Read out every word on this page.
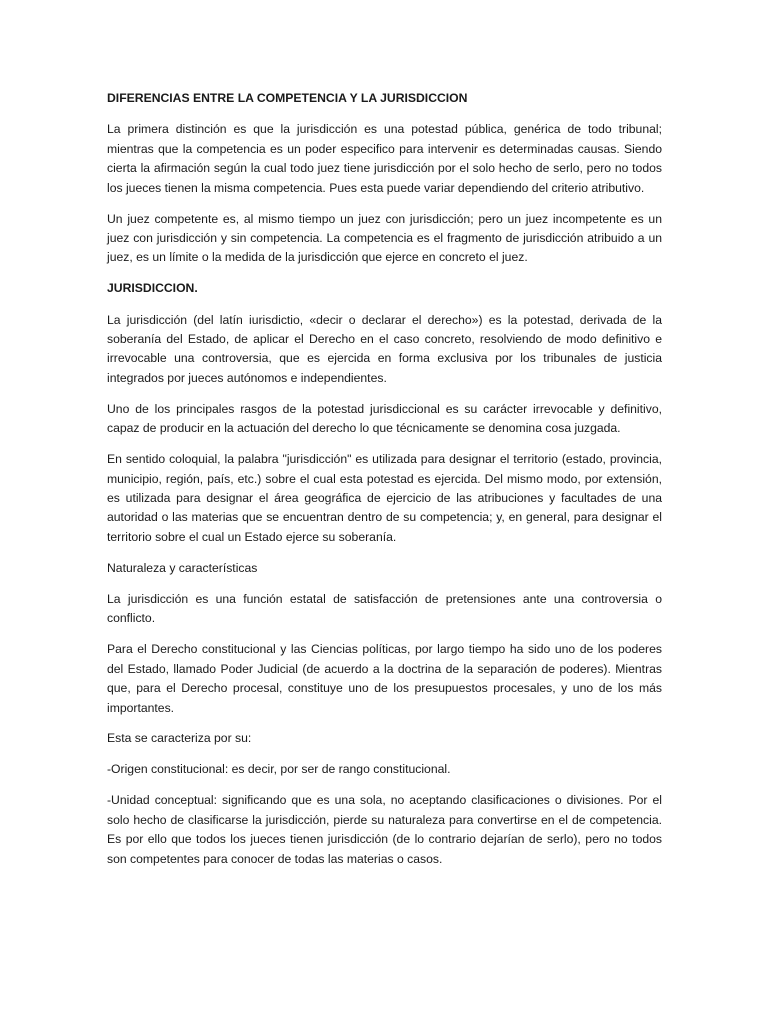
DIFERENCIAS ENTRE LA COMPETENCIA Y LA JURISDICCION

La primera distinción es que la jurisdicción es una potestad pública, genérica de todo tribunal; mientras que la competencia es un poder especifico para intervenir es determinadas causas. Siendo cierta la afirmación según la cual todo juez tiene jurisdicción por el solo hecho de serlo, pero no todos los jueces tienen la misma competencia. Pues esta puede variar dependiendo del criterio atributivo.

Un juez competente es, al mismo tiempo un juez con jurisdicción; pero un juez incompetente es un juez con jurisdicción y sin competencia. La competencia es el fragmento de jurisdicción atribuido a un juez, es un límite o la medida de la jurisdicción que ejerce en concreto el juez.

JURISDICCION.

La jurisdicción (del latín iurisdictio, «decir o declarar el derecho») es la potestad, derivada de la soberanía del Estado, de aplicar el Derecho en el caso concreto, resolviendo de modo definitivo e irrevocable una controversia, que es ejercida en forma exclusiva por los tribunales de justicia integrados por jueces autónomos e independientes.

Uno de los principales rasgos de la potestad jurisdiccional es su carácter irrevocable y definitivo, capaz de producir en la actuación del derecho lo que técnicamente se denomina cosa juzgada.

En sentido coloquial, la palabra "jurisdicción" es utilizada para designar el territorio (estado, provincia, municipio, región, país, etc.) sobre el cual esta potestad es ejercida. Del mismo modo, por extensión, es utilizada para designar el área geográfica de ejercicio de las atribuciones y facultades de una autoridad o las materias que se encuentran dentro de su competencia; y, en general, para designar el territorio sobre el cual un Estado ejerce su soberanía.

Naturaleza y características

La jurisdicción es una función estatal de satisfacción de pretensiones ante una controversia o conflicto.

Para el Derecho constitucional y las Ciencias políticas, por largo tiempo ha sido uno de los poderes del Estado, llamado Poder Judicial (de acuerdo a la doctrina de la separación de poderes). Mientras que, para el Derecho procesal, constituye uno de los presupuestos procesales, y uno de los más importantes.

Esta se caracteriza por su:

-Origen constitucional: es decir, por ser de rango constitucional.

-Unidad conceptual: significando que es una sola, no aceptando clasificaciones o divisiones. Por el solo hecho de clasificarse la jurisdicción, pierde su naturaleza para convertirse en el de competencia. Es por ello que todos los jueces tienen jurisdicción (de lo contrario dejarían de serlo), pero no todos son competentes para conocer de todas las materias o casos.
